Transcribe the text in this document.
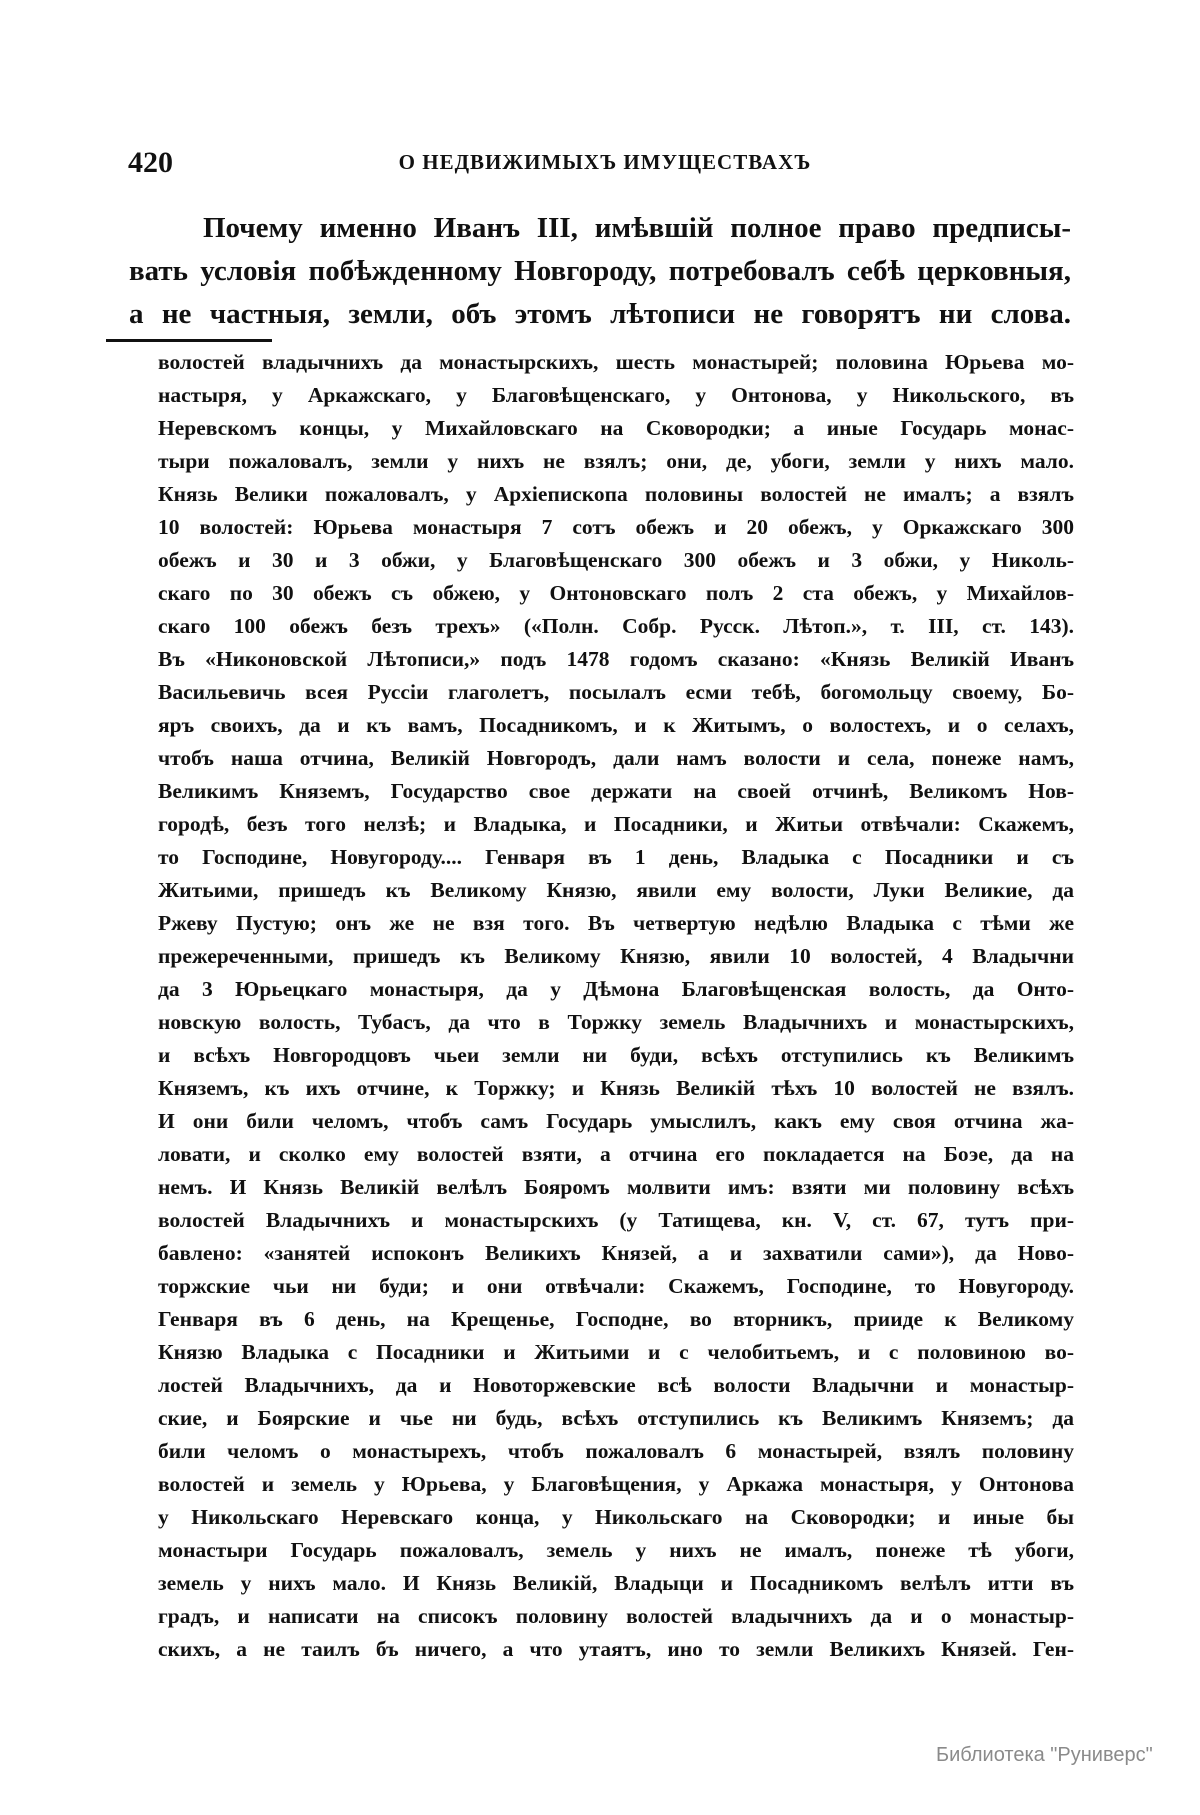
420	О НЕДВИЖИМЫХЪ ИМУЩЕСТВАХЪ
Почему именно Иванъ III, имѣвшій полное право предписы-
вать условія побѣжденному Новгороду, потребовалъ себѣ церковныя,
а не частныя, земли, объ этомъ лѣтописи не говорятъ ни слова.
волостей владычнихъ да монастырскихъ, шесть монастырей; половина Юрьева мо-
настыря, у Аркажскаго, у Благовѣщенскаго, у Онтонова, у Никольского, въ
Неревскомъ концы, у Михайловскаго на Сковородки; а иные Государь монас-
тыри пожаловалъ, земли у нихъ не взялъ; они, де, убоги, земли у нихъ мало.
Князь Велики пожаловалъ, у Архіепископа половины волостей не ималъ; а взялъ
10 волостей: Юрьева монастыря 7 сотъ обежъ и 20 обежъ, у Оркажскаго 300
обежъ и 30 и 3 обжи, у Благовѣщенскаго 300 обежъ и 3 обжи, у Николь-
скаго по 30 обежъ съ обжею, у Онтоновскаго полъ 2 ста обежъ, у Михайлов-
скаго 100 обежъ безъ трехъ» («Полн. Собр. Русск. Лѣтоп.», т. III, ст. 143).
Въ «Никоновской Лѣтописи,» подъ 1478 годомъ сказано: «Князь Великій Иванъ
Васильевичь всея Руссіи глаголетъ, посылалъ есми тебѣ, богомольцу своему, Бо-
яръ своихъ, да и къ вамъ, Посадникомъ, и к Житымъ, о волостехъ, и о селахъ,
чтобъ наша отчина, Великій Новгородъ, дали намъ волости и села, понеже намъ,
Великимъ Княземъ, Государство свое держати на своей отчинѣ, Великомъ Нов-
городѣ, безъ того нелзѣ; и Владыка, и Посадники, и Житьи отвѣчали: Скажемъ,
то Господине, Новугороду.... Генваря въ 1 день, Владыка с Посадники и съ
Житьими, пришедъ къ Великому Князю, явили ему волости, Луки Великие, да
Ржеву Пустую; онъ же не взя того. Въ четвертую недѣлю Владыка с тѣми же
прежереченными, пришедъ къ Великому Князю, явили 10 волостей, 4 Владычни
да 3 Юрьецкаго монастыря, да у Дѣмона Благовѣщенская волость, да Онто-
новскую волость, Тубасъ, да что в Торжку земель Владычнихъ и монастырскихъ,
и всѣхъ Новгородцовъ чьеи земли ни буди, всѣхъ отступились къ Великимъ
Княземъ, къ ихъ отчине, к Торжку; и Князь Великій тѣхъ 10 волостей не взялъ.
И они били челомъ, чтобъ самъ Государь умыслилъ, какъ ему своя отчина жа-
ловати, и сколко ему волостей взяти, а отчина его покладается на Боэе, да на
немъ. И Князь Великій велѣлъ Бояромъ молвити имъ: взяти ми половину всѣхъ
волостей Владычнихъ и монастырскихъ (у Татищева, кн. V, ст. 67, тутъ при-
бавлено: «занятей испоконъ Великихъ Князей, а и захватили сами»), да Ново-
торжские чьи ни буди; и они отвѣчали: Скажемъ, Господине, то Новугороду.
Генваря въ 6 день, на Крещенье, Господне, во вторникъ, прииде к Великому
Князю Владыка с Посадники и Житьими и с челобитьемъ, и с половиною во-
лостей Владычнихъ, да и Новоторжевские всѣ волости Владычни и монастыр-
ские, и Боярские и чье ни будь, всѣхъ отступились къ Великимъ Княземъ; да
били челомъ о монастырехъ, чтобъ пожаловалъ 6 монастырей, взялъ половину
волостей и земель у Юрьева, у Благовѣщения, у Аркажа монастыря, у Онтонова
у Никольскаго Неревскаго конца, у Никольскаго на Сковородки; и иные бы
монастыри Государь пожаловалъ, земель у нихъ не ималъ, понеже тѣ убоги,
земель у нихъ мало. И Князь Великій, Владыци и Посадникомъ велѣлъ итти въ
градъ, и написати на списокъ половину волостей владычнихъ да и о монастыр-
скихъ, а не таилъ бъ ничего, а что утаятъ, ино то земли Великихъ Князей. Ген-
Библиотека "Руниверс"
